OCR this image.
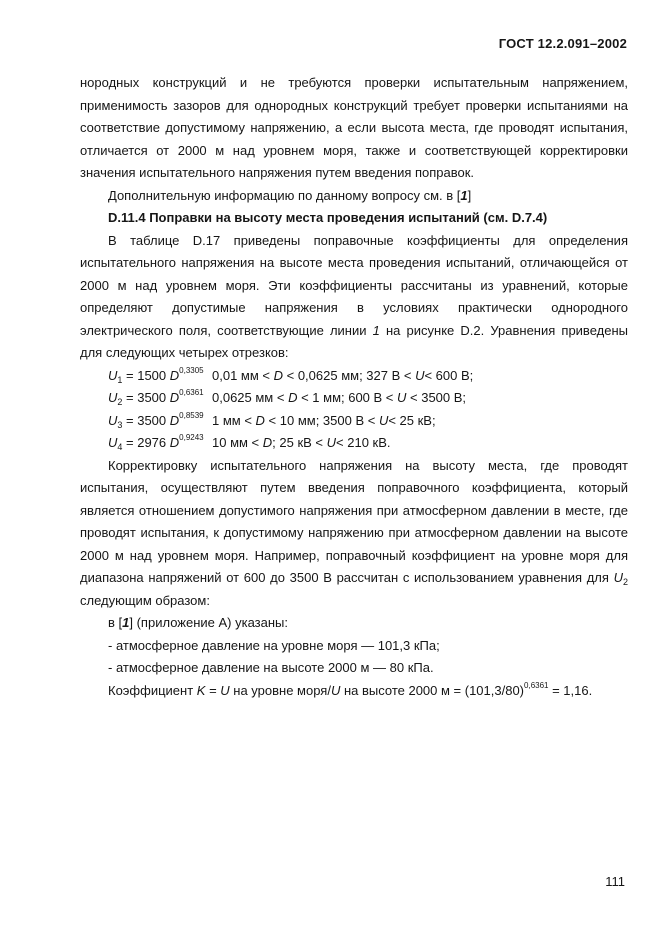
ГОСТ 12.2.091–2002

нородных конструкций и не требуются проверки испытательным напряжением, применимость зазоров для однородных конструкций требует проверки испытаниями на соответствие допустимому напряжению, а если высота места, где проводят испытания, отличается от 2000 м над уровнем моря, также и соответствующей корректировки значения испытательного напряжения путем введения поправок.

Дополнительную информацию по данному вопросу см. в [1]

D.11.4 Поправки на высоту места проведения испытаний (см. D.7.4)

В таблице D.17 приведены поправочные коэффициенты для определения испытательного напряжения на высоте места проведения испытаний, отличающейся от 2000 м над уровнем моря. Эти коэффициенты рассчитаны из уравнений, которые определяют допустимые напряжения в условиях практически однородного электрического поля, соответствующие линии 1 на рисунке D.2. Уравнения приведены для следующих четырех отрезков:

$U_1 = 1500$ $D^{0,3305}$ 0,01 мм < D < 0,0625 мм; 327 В < U< 600 В;
$U_2 = 3500$ $D^{0,6361}$ 0,0625 мм < D < 1 мм; 600 В < U < 3500 В;
$U_3 = 3500$ $D^{0,8539}$ 1 мм < D < 10 мм; 3500 В < U< 25 кВ;
$U_4 = 2976$ $D^{0,9243}$ 10 мм < D; 25 кВ < U< 210 кВ.

Корректировку испытательного напряжения на высоту места, где проводят испытания, осуществляют путем введения поправочного коэффициента, который является отношением допустимого напряжения при атмосферном давлении в месте, где проводят испытания, к допустимому напряжению при атмосферном давлении на высоте 2000 м над уровнем моря. Например, поправочный коэффициент на уровне моря для диапазона напряжений от 600 до 3500 В рассчитан с использованием уравнения для $U_2$ следующим образом:

в [1] (приложение А) указаны:

- атмосферное давление на уровне моря — 101,3 кПа;

- атмосферное давление на высоте 2000 м — 80 кПа.

Коэффициент K = U на уровне моря/U на высоте 2000 $м = (101,3/80)^{0,6361} = 1,16$.

111
